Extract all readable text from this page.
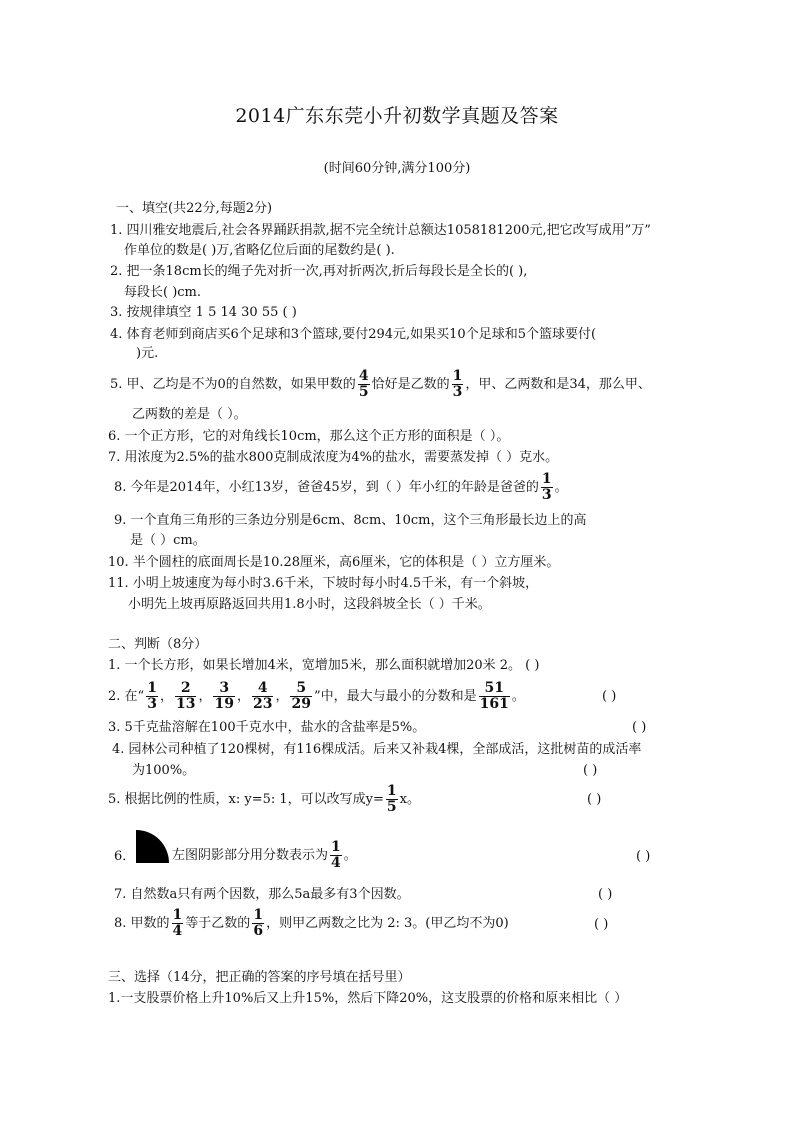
2014广东东莞小升初数学真题及答案
(时间60分钟,满分100分)
一、填空(共22分,每题2分)
1. 四川雅安地震后,社会各界踊跃捐款,据不完全统计总额达1058181200元,把它改写成用”万”
作单位的数是( )万,省略亿位后面的尾数约是( ).
2. 把一条18cm长的绳子先对折一次,再对折两次,折后每段长是全长的( ),
每段长( )cm.
3. 按规律填空 1 5 14 30 55 ( )
4. 体育老师到商店买6个足球和3个篮球,要付294元,如果买10个足球和5个篮球要付(
)元.
5. 甲、乙均是不为0的自然数，如果甲数的 $\frac{4}{5}$ 恰好是乙数的 $\frac{1}{3}$ ，甲、乙两数和是34，那么甲、
乙两数的差是（ ）。
6. 一个正方形，它的对角线长10cm，那么这个正方形的面积是（ ）。
7. 用浓度为2.5%的盐水800克制成浓度为4%的盐水，需要蒸发掉（ ）克水。
8. 今年是2014年，小红13岁，爸爸45岁，到（ ）年小红的年龄是爸爸的 $\frac{1}{3}$ 。
9. 一个直角三角形的三条边分别是6cm、8cm、10cm，这个三角形最长边上的高
是（ ）cm。
10. 半个圆柱的底面周长是10.28厘米，高6厘米，它的体积是（ ）立方厘米。
11. 小明上坡速度为每小时3.6千米，下坡时每小时4.5千米，有一个斜坡，
小明先上坡再原路返回共用1.8小时，这段斜坡全长（ ）千米。
二、判断（8分）
1. 一个长方形，如果长增加4米，宽增加5米，那么面积就增加20米 2。 ( )
2. 在“ $\frac{1}{3}$ ， $\frac{2}{13}$ ， $\frac{3}{19}$ ， $\frac{4}{23}$ ， $\frac{5}{29}$ ”中，最大与最小的分数和是 $\frac{51}{161}$ 。	( )
3. 5千克盐溶解在100千克水中，盐水的含盐率是5%。	( )
4. 园林公司种植了120棵树，有116棵成活。后来又补栽4棵，全部成活，这批树苗的成活率
为100%。	( )
5. 根据比例的性质，x: y=5: 1，可以改写成$y= \frac{1}{5}$ x。	( )
6．	左图阴影部分用分数表示为 $\frac{1}{4}$ 。	( )
7. 自然数a只有两个因数，那么5a最多有3个因数。	( )
8. 甲数的 $\frac{1}{4}$ 等于乙数的 $\frac{1}{6}$ ，则甲乙两数之比为 2: 3。(甲乙均不为0)	( )
三、选择（14分，把正确的答案的序号填在括号里）
1.一支股票价格上升10%后又上升15%，然后下降20%，这支股票的价格和原来相比（ ）
